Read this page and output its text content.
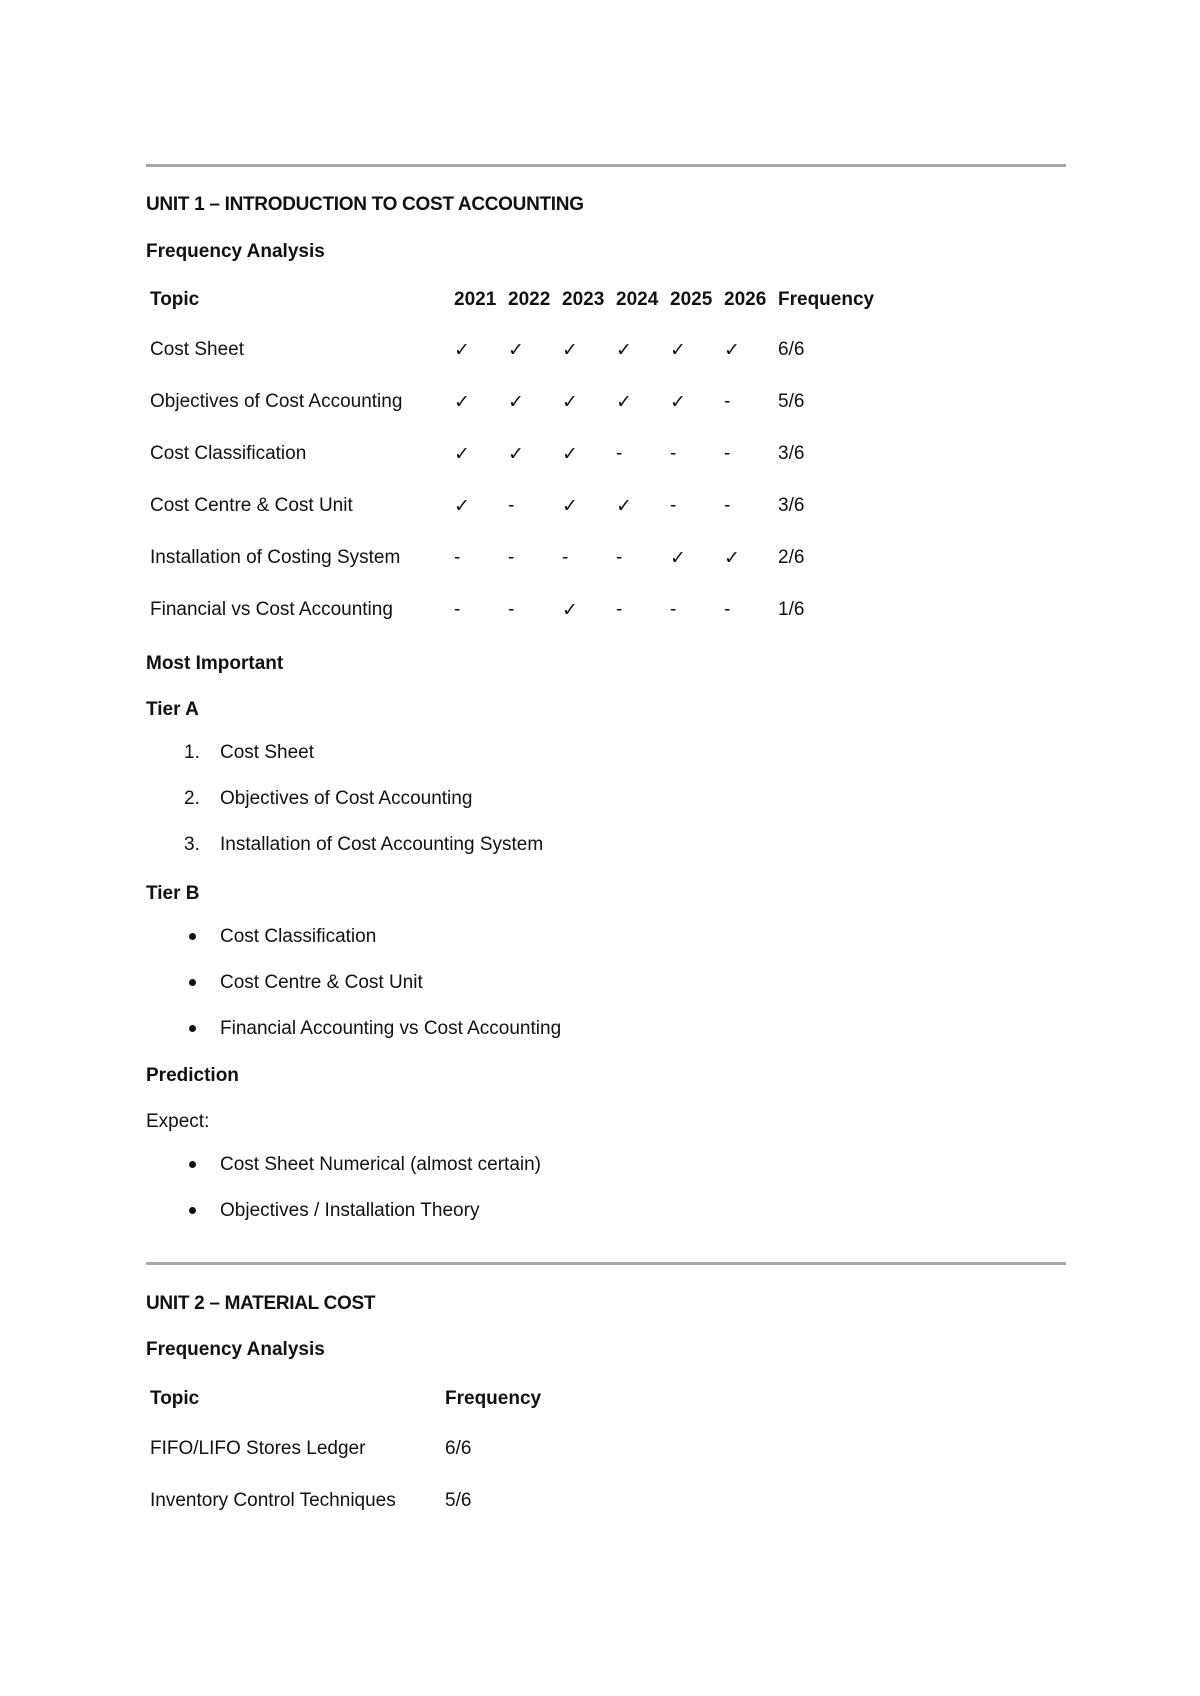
UNIT 1 – INTRODUCTION TO COST ACCOUNTING
Frequency Analysis
Topic	2021	2022	2023	2024	2025	2026	Frequency
Cost Sheet	✓	✓	✓	✓	✓	✓	6/6
Objectives of Cost Accounting	✓	✓	✓	✓	✓	-	5/6
Cost Classification	✓	✓	✓	-	-	-	3/6
Cost Centre & Cost Unit	✓	-	✓	✓	-	-	3/6
Installation of Costing System	-	-	-	-	✓	✓	2/6
Financial vs Cost Accounting	-	-	✓	-	-	-	1/6
Most Important
Tier A
1.	Cost Sheet
2.	Objectives of Cost Accounting
3.	Installation of Cost Accounting System
Tier B
Cost Classification
Cost Centre & Cost Unit
Financial Accounting vs Cost Accounting
Prediction
Expect:
Cost Sheet Numerical (almost certain)
Objectives / Installation Theory
UNIT 2 – MATERIAL COST
Frequency Analysis
Topic	Frequency
FIFO/LIFO Stores Ledger	6/6
Inventory Control Techniques	5/6
